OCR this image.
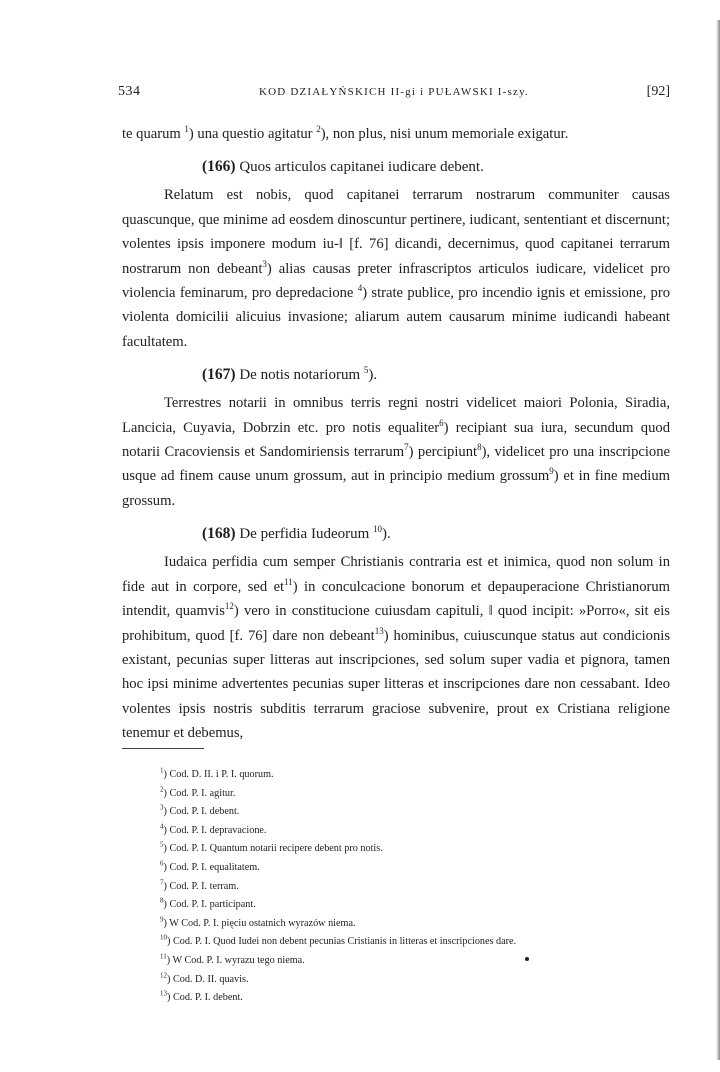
534	KOD DZIAŁYŃSKICH II-gi i PUŁAWSKI I-szy.	[92]

te quarum $^1$) una questio agitatur $^2$), non plus, nisi unum memoriale exigatur.

(166) Quos articulos capitanei iudicare debent.

Relatum est nobis, quod capitanei terrarum nostrarum communiter causas quascunque, que minime ad eosdem dinoscuntur pertinere, iudicant, sententiant et discernunt; volentes ipsis imponere modum iu-‖ [f. 76] dicandi, decernimus, quod capitanei terrarum nostrarum non debeant$^3$) alias causas preter infrascriptos articulos iudicare, videlicet pro violencia feminarum, pro depredacione $^4$) strate publice, pro incendio ignis et emissione, pro violenta domicilii alicuius invasione; aliarum autem causarum minime iudicandi habeant facultatem.

(167) De notis notariorum $^5$).

Terrestres notarii in omnibus terris regni nostri videlicet maiori Polonia, Siradia, Lancicia, Cuyavia, Dobrzin etc. pro notis equaliter$^6$) recipiant sua iura, secundum quod notarii Cracoviensis et Sandomiriensis terrarum$^7$) percipiunt$^8$), videlicet pro una inscripcione usque ad finem cause unum grossum, aut in principio medium grossum$^9$) et in fine medium grossum.

(168) De perfidia Iudeorum $^{10}$).

Iudaica perfidia cum semper Christianis contraria est et inimica, quod non solum in fide aut in corpore, sed $et^{11}$) in conculcacione bonorum et depauperacione Christianorum intendit, quamvis$^{12}$) vero in constitucione cuiusdam capituli, ‖ quod incipit: »Porro«, sit eis prohibitum, quod [f. 76] dare non debeant$^{13}$) hominibus, cuiuscunque status aut condicionis existant, pecunias super litteras aut inscripciones, sed solum super vadia et pignora, tamen hoc ipsi minime advertentes pecunias super litteras et inscripciones dare non cessabant. Ideo volentes ipsis nostris subditis terrarum graciose subvenire, prout ex Cristiana religione tenemur et debemus,

$^1$) Cod. D. II. i P. I. quorum.
$^2$) Cod. P. I. agitur.
$^3$) Cod. P. I. debent.
$^4$) Cod. P. I. depravacione.
$^5$) Cod. P. I. Quantum notarii recipere debent pro notis.
$^6$) Cod. P. I. equalitatem.
$^7$) Cod. P. I. terram.
$^8$) Cod. P. I. participant.
$^9$) W Cod. P. I. pięciu ostatnich wyrazów niema.
$^{10}$) Cod. P. I. Quod Iudei non debent pecunias Cristianis in litteras et inscripciones dare.
$^{11}$) W Cod. P. I. wyrazu tego niema.
$^{12}$) Cod. D. II. quavis.
$^{13}$) Cod. P. I. debent.
